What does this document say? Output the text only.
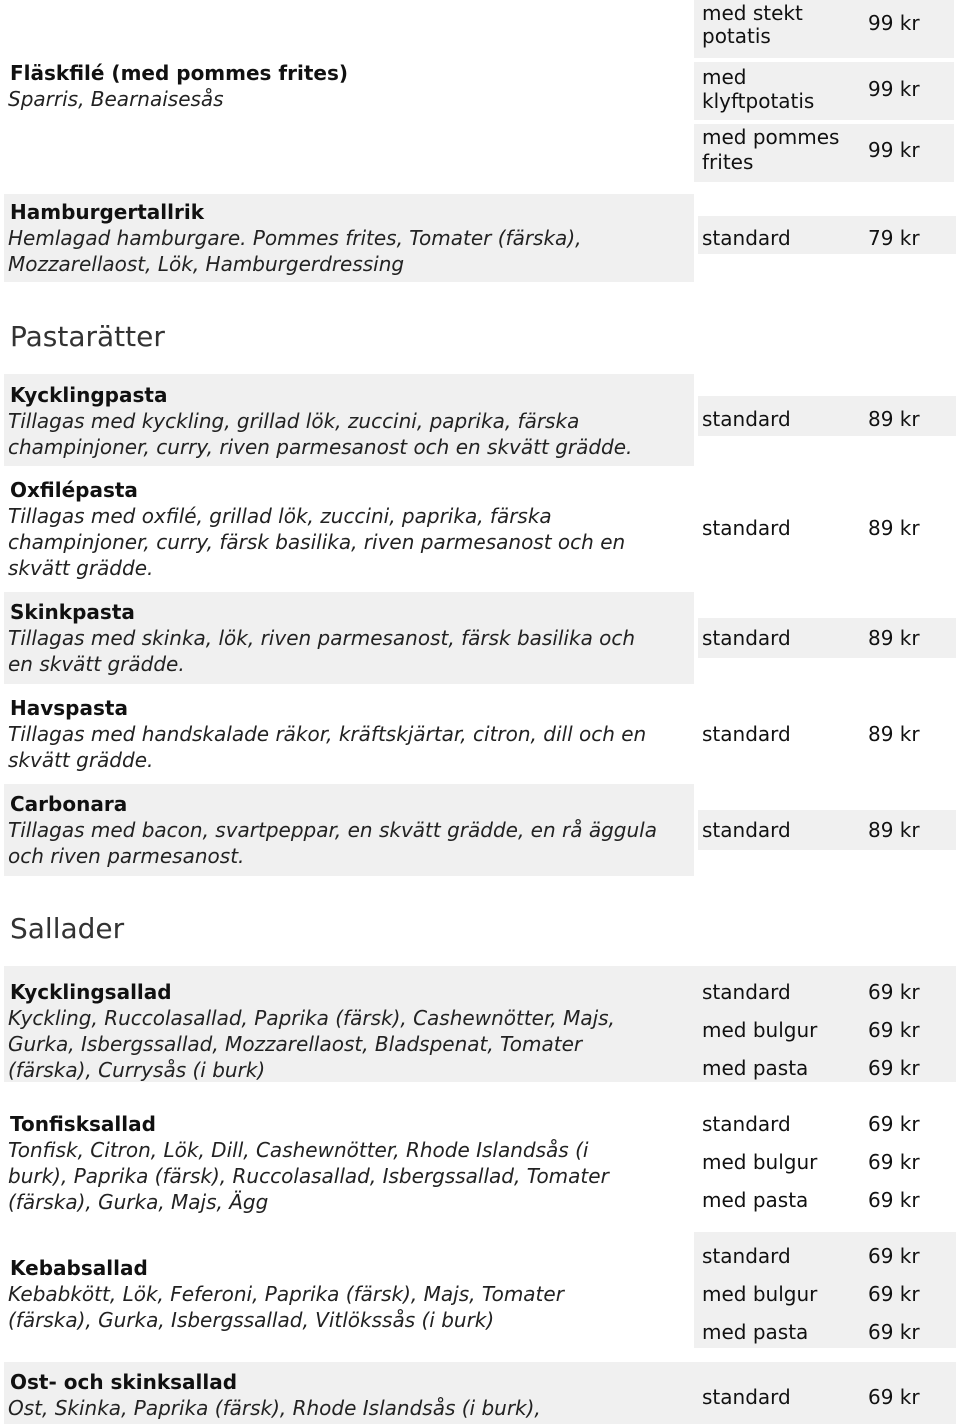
Fläskfilé (med pommes frites)
Sparris, Bearnaisesås
med stekt
potatis
99 kr
med
klyftpotatis	99 kr
med pommes
frites	99 kr
Hamburgertallrik
Hemlagad hamburgare. Pommes frites, Tomater (färska),
Mozzarellaost, Lök, Hamburgerdressing
standard	79 kr
Pastarätter
Kycklingpasta
Tillagas med kyckling, grillad lök, zuccini, paprika, färska
champinjoner, curry, riven parmesanost och en skvätt grädde.
standard	89 kr
Oxfilépasta
Tillagas med oxfilé, grillad lök, zuccini, paprika, färska
champinjoner, curry, färsk basilika, riven parmesanost och en
skvätt grädde.
standard	89 kr
Skinkpasta
Tillagas med skinka, lök, riven parmesanost, färsk basilika och
en skvätt grädde.
standard	89 kr
Havspasta
Tillagas med handskalade räkor, kräftskjärtar, citron, dill och en
skvätt grädde.
standard	89 kr
Carbonara
Tillagas med bacon, svartpeppar, en skvätt grädde, en rå äggula
och riven parmesanost.
standard	89 kr
Sallader
Kycklingsallad
Kyckling, Ruccolasallad, Paprika (färsk), Cashewnötter, Majs,
Gurka, Isbergssallad, Mozzarellaost, Bladspenat, Tomater
(färska), Currysås (i burk)
standard	69 kr
med bulgur	69 kr
med pasta	69 kr
Tonfisksallad
Tonfisk, Citron, Lök, Dill, Cashewnötter, Rhode Islandsås (i
burk), Paprika (färsk), Ruccolasallad, Isbergssallad, Tomater
(färska), Gurka, Majs, Ägg
standard	69 kr
med bulgur	69 kr
med pasta	69 kr
Kebabsallad
Kebabkött, Lök, Feferoni, Paprika (färsk), Majs, Tomater
(färska), Gurka, Isbergssallad, Vitlökssås (i burk)
standard	69 kr
med bulgur	69 kr
med pasta	69 kr
Ost- och skinksallad
Ost, Skinka, Paprika (färsk), Rhode Islandsås (i burk),	standard	69 kr
